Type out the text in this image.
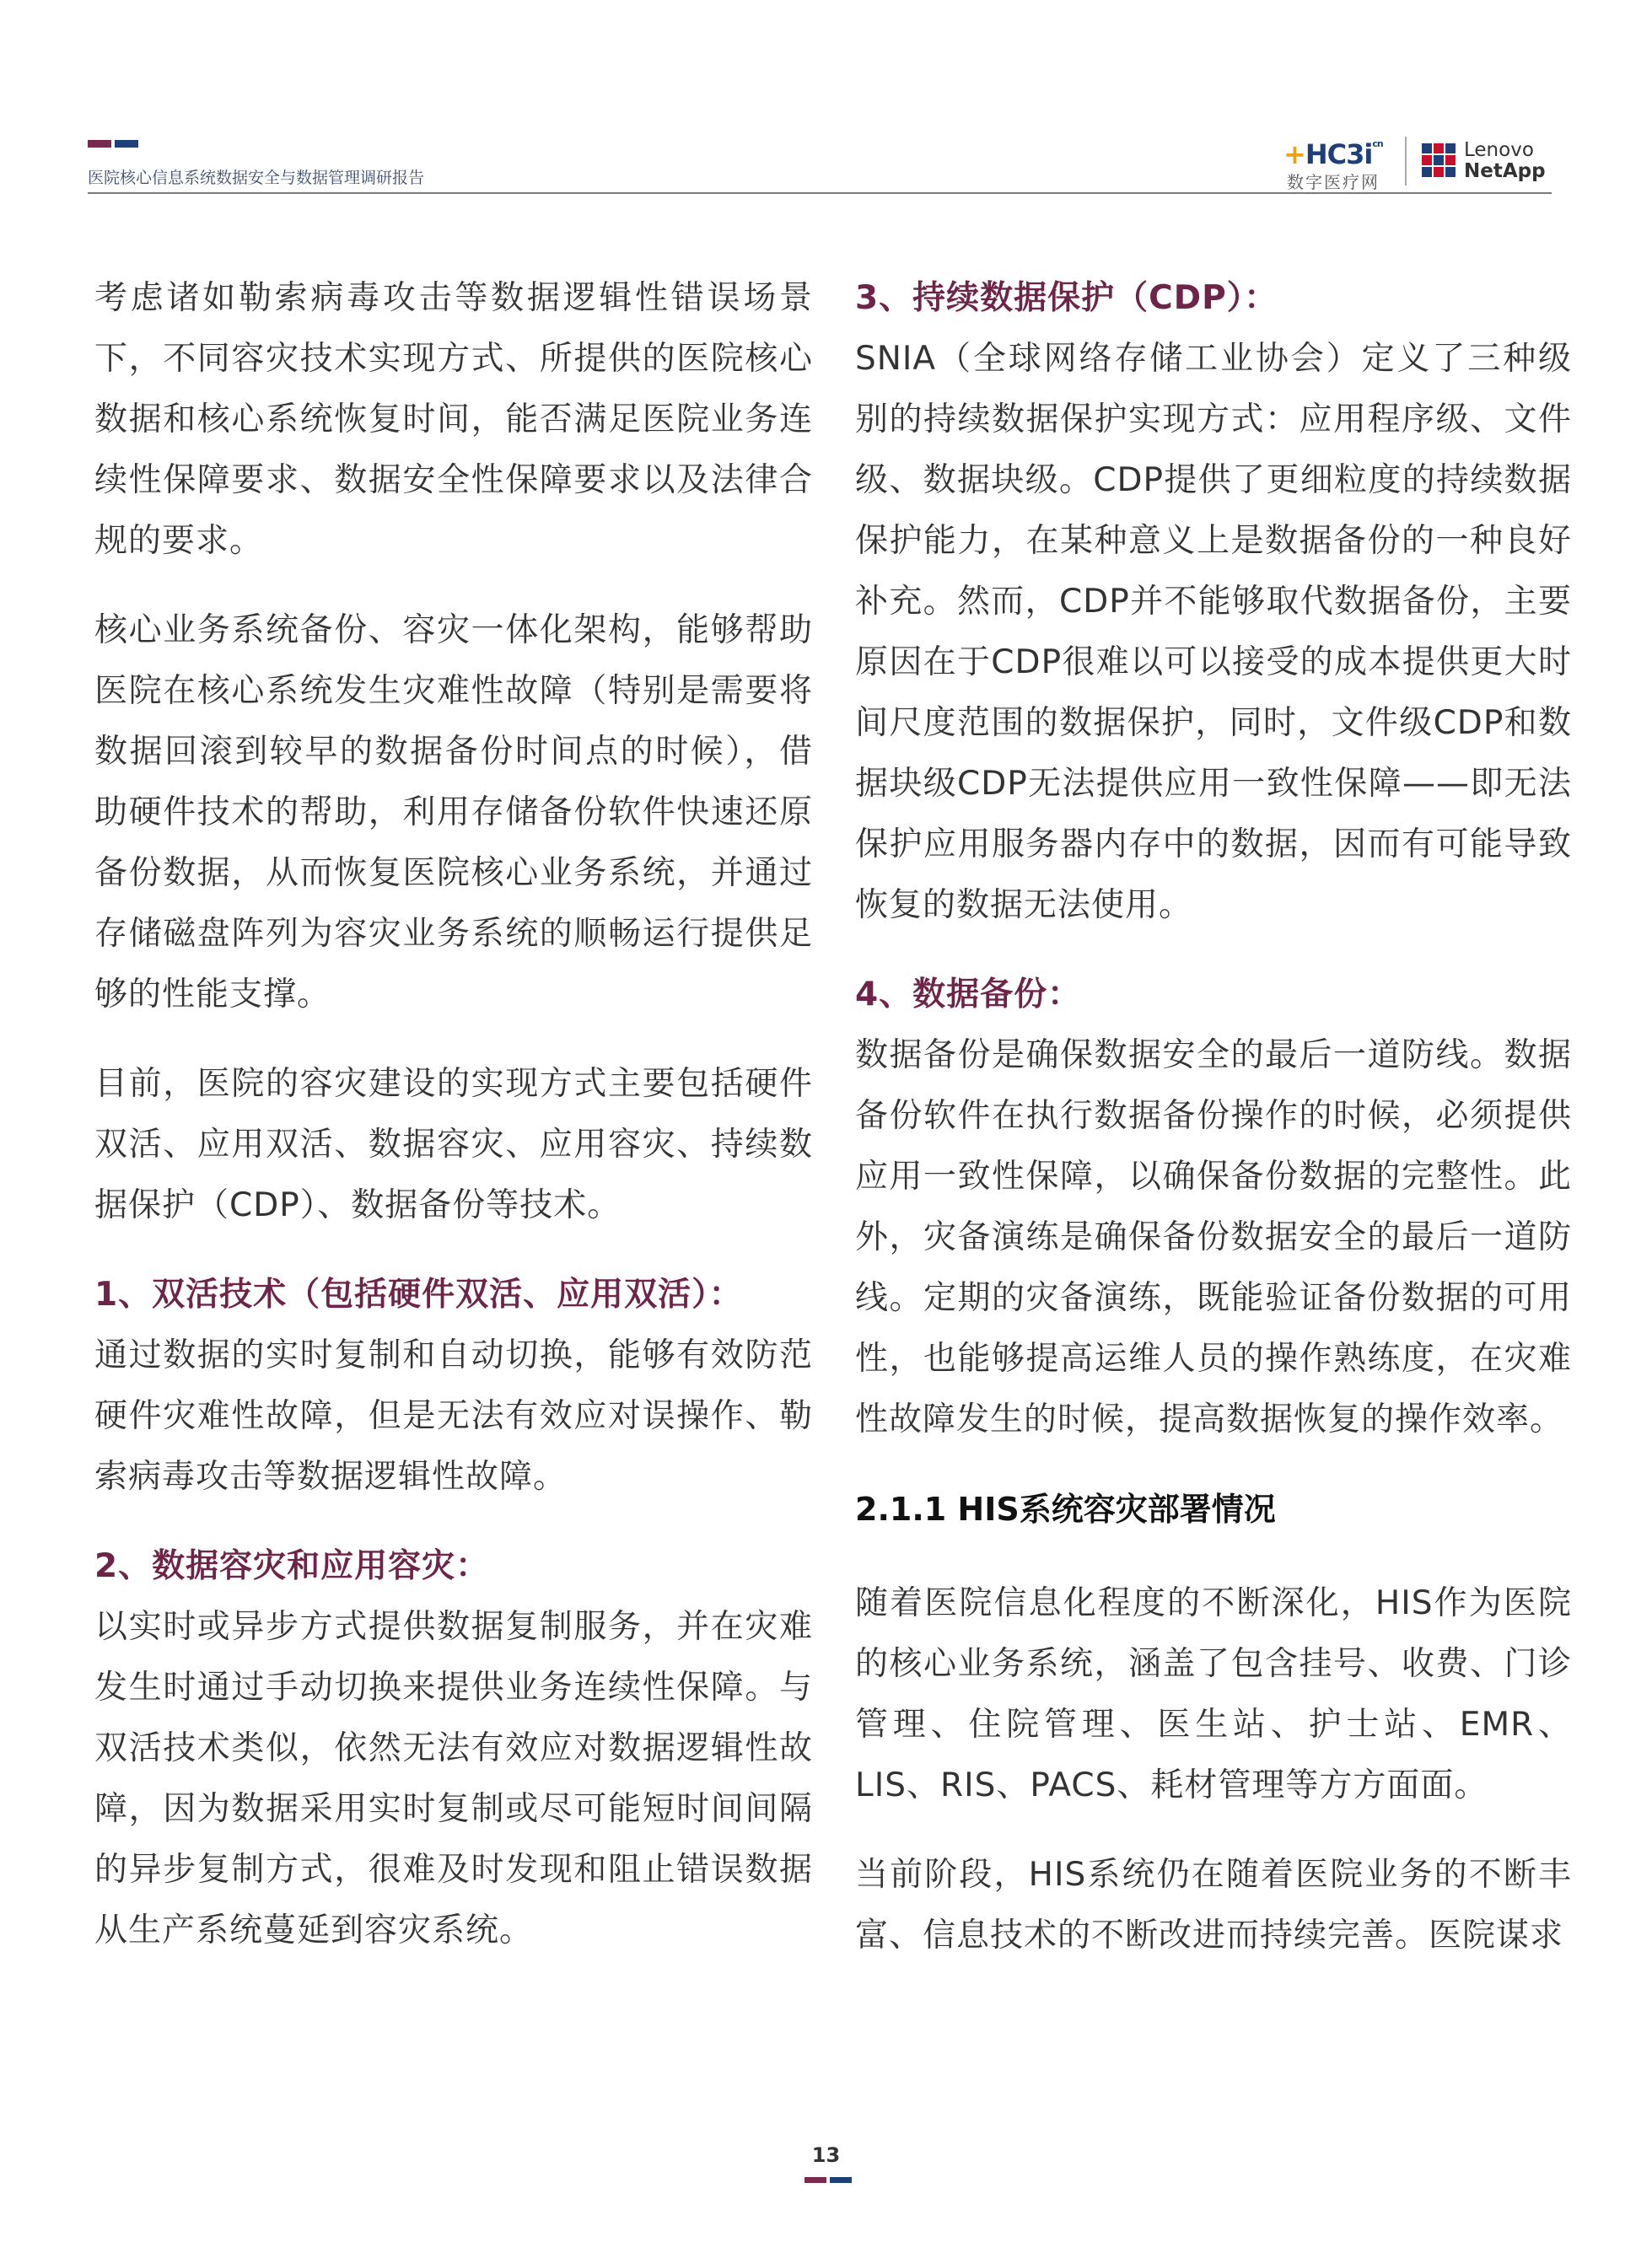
医院核心信息系统数据安全与数据管理调研报告
$+HC3i^{cn}$
数字医疗网
Lenovo
NetApp

考虑诸如勒索病毒攻击等数据逻辑性错误场景下，不同容灾技术实现方式、所提供的医院核心数据和核心系统恢复时间，能否满足医院业务连续性保障要求、数据安全性保障要求以及法律合规的要求。

核心业务系统备份、容灾一体化架构，能够帮助医院在核心系统发生灾难性故障（特别是需要将数据回滚到较早的数据备份时间点的时候），借助硬件技术的帮助，利用存储备份软件快速还原备份数据，从而恢复医院核心业务系统，并通过存储磁盘阵列为容灾业务系统的顺畅运行提供足够的性能支撑。

目前，医院的容灾建设的实现方式主要包括硬件双活、应用双活、数据容灾、应用容灾、持续数据保护（CDP）、数据备份等技术。

1、双活技术（包括硬件双活、应用双活）：

通过数据的实时复制和自动切换，能够有效防范硬件灾难性故障，但是无法有效应对误操作、勒索病毒攻击等数据逻辑性故障。

2、数据容灾和应用容灾：

以实时或异步方式提供数据复制服务，并在灾难发生时通过手动切换来提供业务连续性保障。与双活技术类似，依然无法有效应对数据逻辑性故障，因为数据采用实时复制或尽可能短时间间隔的异步复制方式，很难及时发现和阻止错误数据从生产系统蔓延到容灾系统。

3、持续数据保护（CDP）：

SNIA（全球网络存储工业协会）定义了三种级别的持续数据保护实现方式：应用程序级、文件级、数据块级。CDP提供了更细粒度的持续数据保护能力，在某种意义上是数据备份的一种良好补充。然而，CDP并不能够取代数据备份，主要原因在于CDP很难以可以接受的成本提供更大时间尺度范围的数据保护，同时，文件级CDP和数据块级CDP无法提供应用一致性保障——即无法保护应用服务器内存中的数据，因而有可能导致恢复的数据无法使用。

4、数据备份：

数据备份是确保数据安全的最后一道防线。数据备份软件在执行数据备份操作的时候，必须提供应用一致性保障，以确保备份数据的完整性。此外，灾备演练是确保备份数据安全的最后一道防线。定期的灾备演练，既能验证备份数据的可用性，也能够提高运维人员的操作熟练度，在灾难性故障发生的时候，提高数据恢复的操作效率。

2.1.1 HIS系统容灾部署情况

随着医院信息化程度的不断深化，HIS作为医院的核心业务系统，涵盖了包含挂号、收费、门诊管理、住院管理、医生站、护士站、EMR、LIS、RIS、PACS、耗材管理等方方面面。

当前阶段，HIS系统仍在随着医院业务的不断丰富、信息技术的不断改进而持续完善。医院谋求

13
